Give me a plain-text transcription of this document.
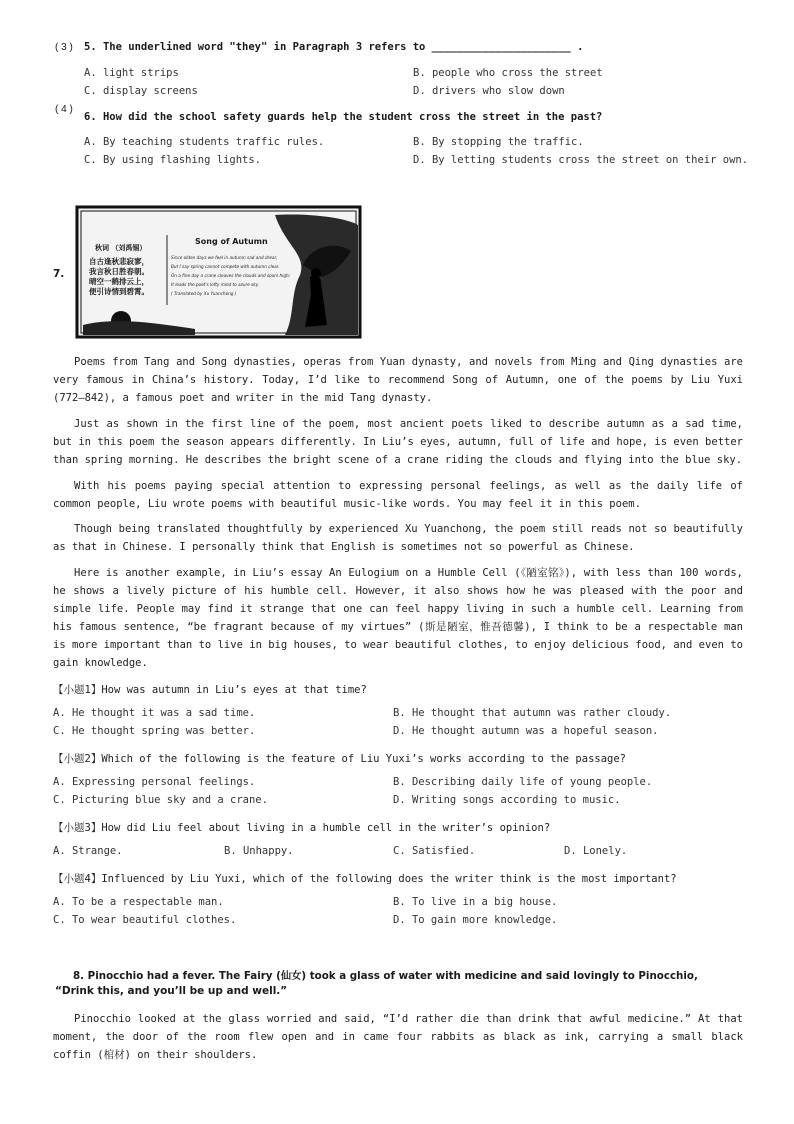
( 3 ) 5. The underlined word "they" in Paragraph 3 refers to ______________________ .
A. light strips	B. people who cross the street
C. display screens	D. drivers who slow down
( 4 )
6. How did the school safety guards help the student cross the street in the past?
A. By teaching students traffic rules.	B. By stopping the traffic.
C. By using flashing lights.	D. By letting students cross the street on their own.
7.
秋词 （刘禹锡）
自古逢秋悲寂寥，
我言秋日胜春朝。
晴空一鹤排云上，
便引诗情到碧霄。
Song of Autumn
Since olden days we feel in autumn sad and drear,
But I say spring cannot compete with autumn clear.
On a fine day a crane cleaves the clouds and soars high;
It leads the poet's lofty mind to azure sky.
( Translated by Xu Yuanchong )
Poems from Tang and Song dynasties, operas from Yuan dynasty, and novels from Ming and Qing dynasties are very famous in China’s history. Today, I’d like to recommend Song of Autumn, one of the poems by Liu Yuxi (772—842), a famous poet and writer in the mid Tang dynasty.
Just as shown in the first line of the poem, most ancient poets liked to describe autumn as a sad time, but in this poem the season appears differently. In Liu’s eyes, autumn, full of life and hope, is even better than spring morning. He describes the bright scene of a crane riding the clouds and flying into the blue sky.
With his poems paying special attention to expressing personal feelings, as well as the daily life of common people, Liu wrote poems with beautiful music-like words. You may feel it in this poem.
Though being translated thoughtfully by experienced Xu Yuanchong, the poem still reads not so beautifully as that in Chinese. I personally think that English is sometimes not so powerful as Chinese.
Here is another example, in Liu’s essay An Eulogium on a Humble Cell (《陋室铭》), with less than 100 words, he shows a lively picture of his humble cell. However, it also shows how he was pleased with the poor and simple life. People may find it strange that one can feel happy living in such a humble cell. Learning from his famous sentence, “be fragrant because of my virtues” (斯是陋室，惟吾德馨), I think to be a respectable man is more important than to live in big houses, to wear beautiful clothes, to enjoy delicious food, and even to gain knowledge.
【小题1】How was autumn in Liu’s eyes at that time?
A. He thought it was a sad time.	B. He thought that autumn was rather cloudy.
C. He thought spring was better.	D. He thought autumn was a hopeful season.
【小题2】Which of the following is the feature of Liu Yuxi’s works according to the passage?
A. Expressing personal feelings.	B. Describing daily life of young people.
C. Picturing blue sky and a crane.	D. Writing songs according to music.
【小题3】How did Liu feel about living in a humble cell in the writer’s opinion?
A. Strange.	B. Unhappy.	C. Satisfied.	D. Lonely.
【小题4】Influenced by Liu Yuxi, which of the following does the writer think is the most important?
A. To be a respectable man.	B. To live in a big house.
C. To wear beautiful clothes.	D. To gain more knowledge.
8. Pinocchio had a fever. The Fairy (仙女) took a glass of water with medicine and said lovingly to Pinocchio,
“Drink this, and you’ll be up and well.”
Pinocchio looked at the glass worried and said, “I’d rather die than drink that awful medicine.” At that moment, the door of the room flew open and in came four rabbits as black as ink, carrying a small black coffin (棺材) on their shoulders.
